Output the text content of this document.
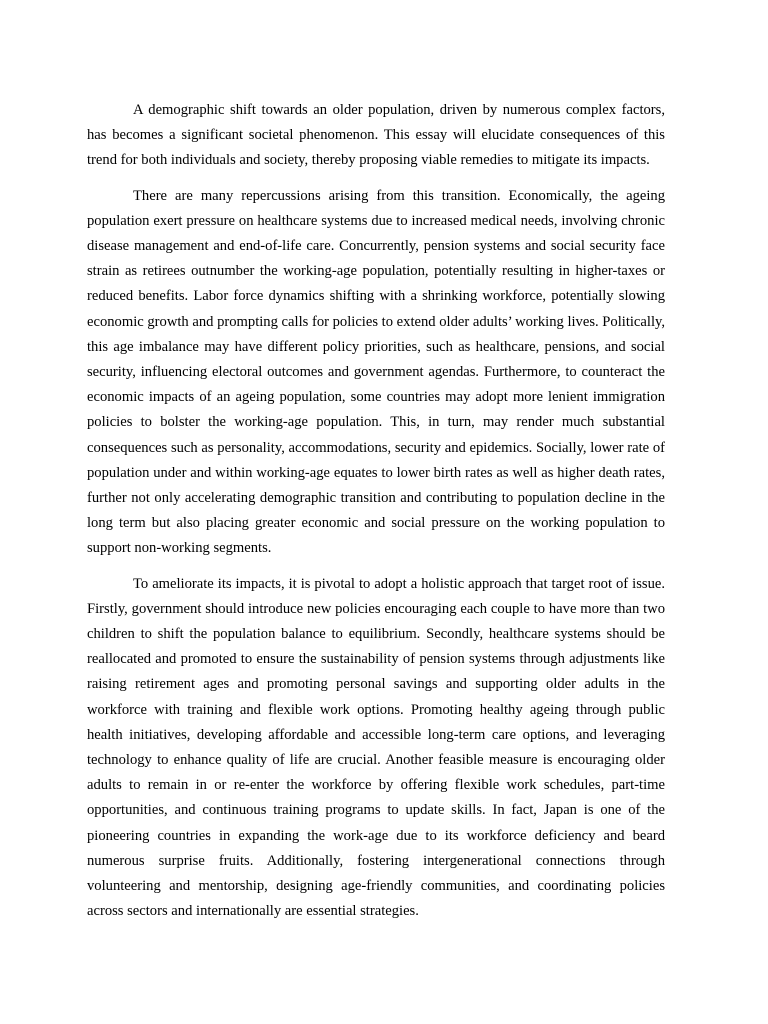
A demographic shift towards an older population, driven by numerous complex factors, has becomes a significant societal phenomenon. This essay will elucidate consequences of this trend for both individuals and society, thereby proposing viable remedies to mitigate its impacts.

There are many repercussions arising from this transition. Economically, the ageing population exert pressure on healthcare systems due to increased medical needs, involving chronic disease management and end-of-life care. Concurrently, pension systems and social security face strain as retirees outnumber the working-age population, potentially resulting in higher-taxes or reduced benefits. Labor force dynamics shifting with a shrinking workforce, potentially slowing economic growth and prompting calls for policies to extend older adults’ working lives. Politically, this age imbalance may have different policy priorities, such as healthcare, pensions, and social security, influencing electoral outcomes and government agendas. Furthermore, to counteract the economic impacts of an ageing population, some countries may adopt more lenient immigration policies to bolster the working-age population. This, in turn, may render much substantial consequences such as personality, accommodations, security and epidemics. Socially, lower rate of population under and within working-age equates to lower birth rates as well as higher death rates, further not only accelerating demographic transition and contributing to population decline in the long term but also placing greater economic and social pressure on the working population to support non-working segments.

To ameliorate its impacts, it is pivotal to adopt a holistic approach that target root of issue. Firstly, government should introduce new policies encouraging each couple to have more than two children to shift the population balance to equilibrium. Secondly, healthcare systems should be reallocated and promoted to ensure the sustainability of pension systems through adjustments like raising retirement ages and promoting personal savings and supporting older adults in the workforce with training and flexible work options. Promoting healthy ageing through public health initiatives, developing affordable and accessible long-term care options, and leveraging technology to enhance quality of life are crucial. Another feasible measure is encouraging older adults to remain in or re-enter the workforce by offering flexible work schedules, part-time opportunities, and continuous training programs to update skills. In fact, Japan is one of the pioneering countries in expanding the work-age due to its workforce deficiency and beard numerous surprise fruits. Additionally, fostering intergenerational connections through volunteering and mentorship, designing age-friendly communities, and coordinating policies across sectors and internationally are essential strategies.
